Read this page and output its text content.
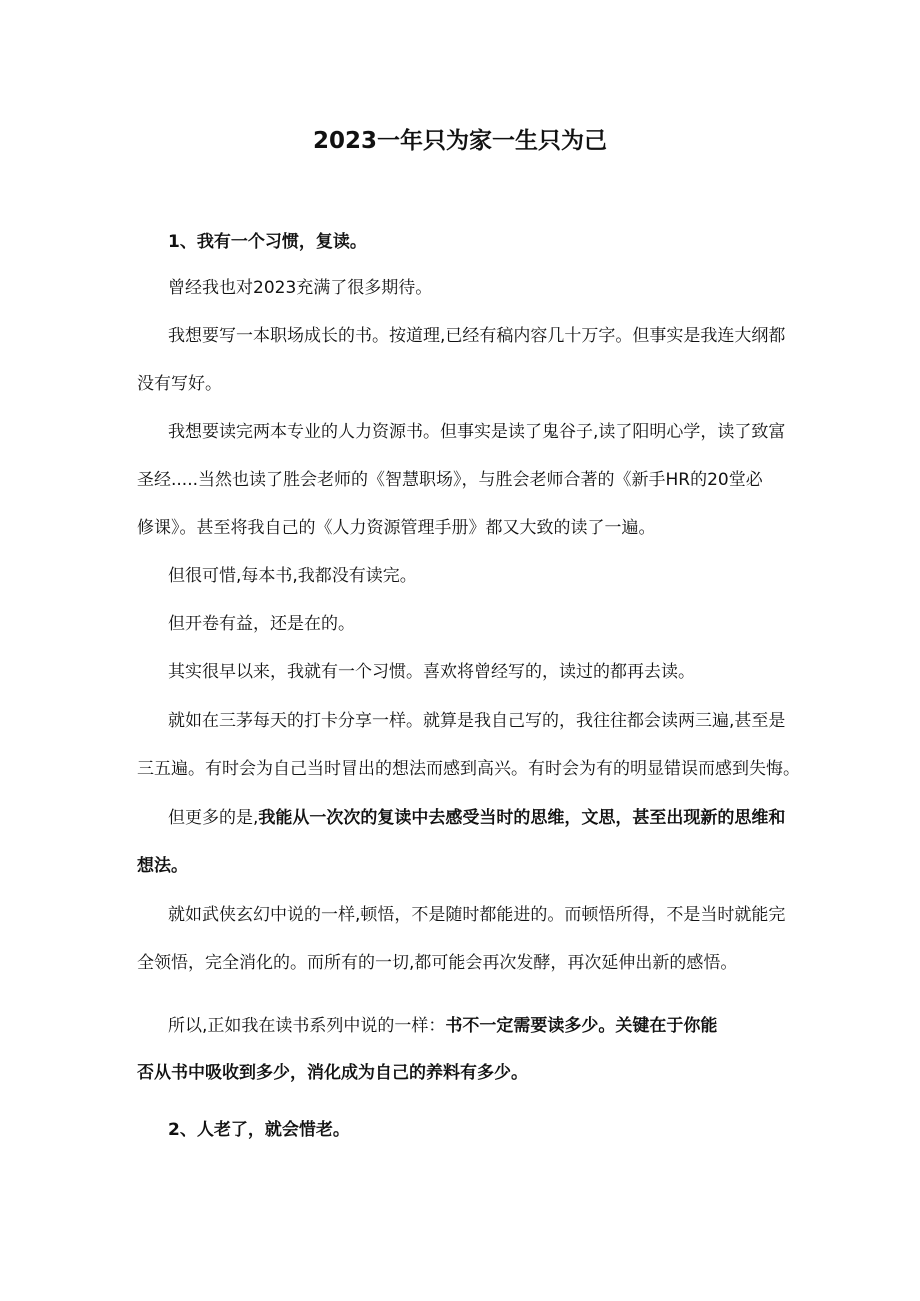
2023一年只为家一生只为己
1、我有一个习惯，复读。
曾经我也对2023充满了很多期待。
我想要写一本职场成长的书。按道理,已经有稿内容几十万字。但事实是我连大纲都
没有写好。
我想要读完两本专业的人力资源书。但事实是读了鬼谷子,读了阳明心学，读了致富
圣经.....当然也读了胜会老师的《智慧职场》，与胜会老师合著的《新手HR的20堂必
修课》。甚至将我自己的《人力资源管理手册》都又大致的读了一遍。
但很可惜,每本书,我都没有读完。
但开卷有益，还是在的。
其实很早以来，我就有一个习惯。喜欢将曾经写的，读过的都再去读。
就如在三茅每天的打卡分享一样。就算是我自己写的，我往往都会读两三遍,甚至是
三五遍。有时会为自己当时冒出的想法而感到高兴。有时会为有的明显错误而感到失悔。
但更多的是,我能从一次次的复读中去感受当时的思维，文思，甚至出现新的思维和
想法。
就如武侠玄幻中说的一样,顿悟，不是随时都能进的。而顿悟所得，不是当时就能完
全领悟，完全消化的。而所有的一切,都可能会再次发酵，再次延伸出新的感悟。
所以,正如我在读书系列中说的一样：书不一定需要读多少。关键在于你能
否从书中吸收到多少，消化成为自己的养料有多少。
2、人老了，就会惜老。
